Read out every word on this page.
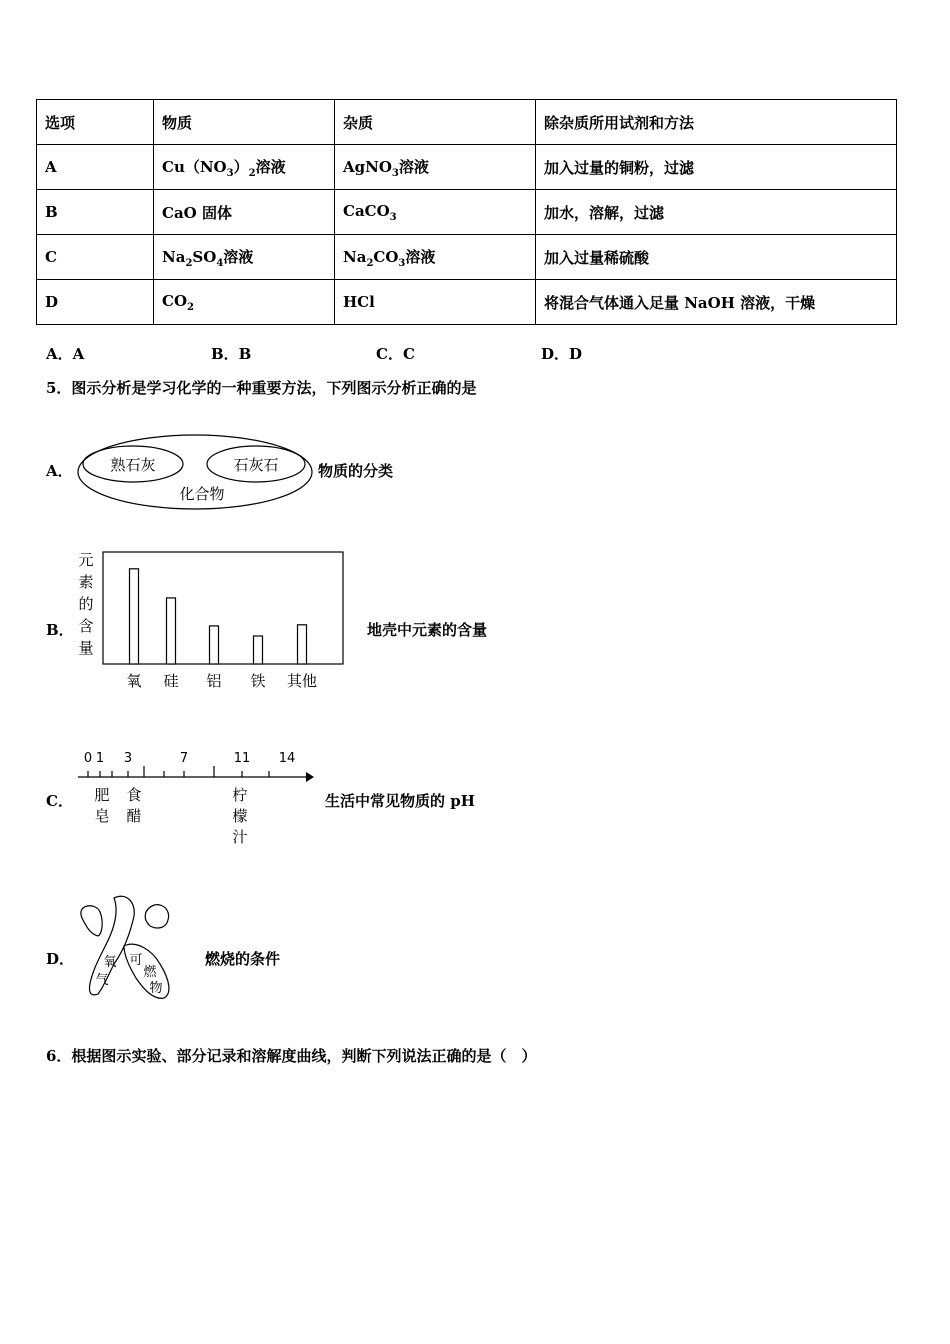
选项	物质	杂质	除杂质所用试剂和方法
A	$Cu(NO_3)_2$溶液	AgNO$_3$溶液	加入过量的铜粉，过滤
B	CaO 固体	CaCO$_3$	加水，溶解，过滤
C	$Na_2SO_4$溶液	$Na_2CO_3$溶液	加入过量稀硫酸
D	$CO_2$	HCl	将混合气体通入足量 NaOH 溶液，干燥
A．A	B．B	C．C	D．D
5．图示分析是学习化学的一种重要方法，下列图示分析正确的是
A．	熟石灰	石灰石
化合物
物质的分类
B．
元
素
的
含
量
氧 硅 铝 铁 其他
地壳中元素的含量
C．
0 1 3	7	11 14
肥
皂
食
醋
柠
檬
汁
生活中常见物质的 pH
D． 氧
气
可
燃
物
燃烧的条件
6．根据图示实验、部分记录和溶解度曲线，判断下列说法正确的是（　）
